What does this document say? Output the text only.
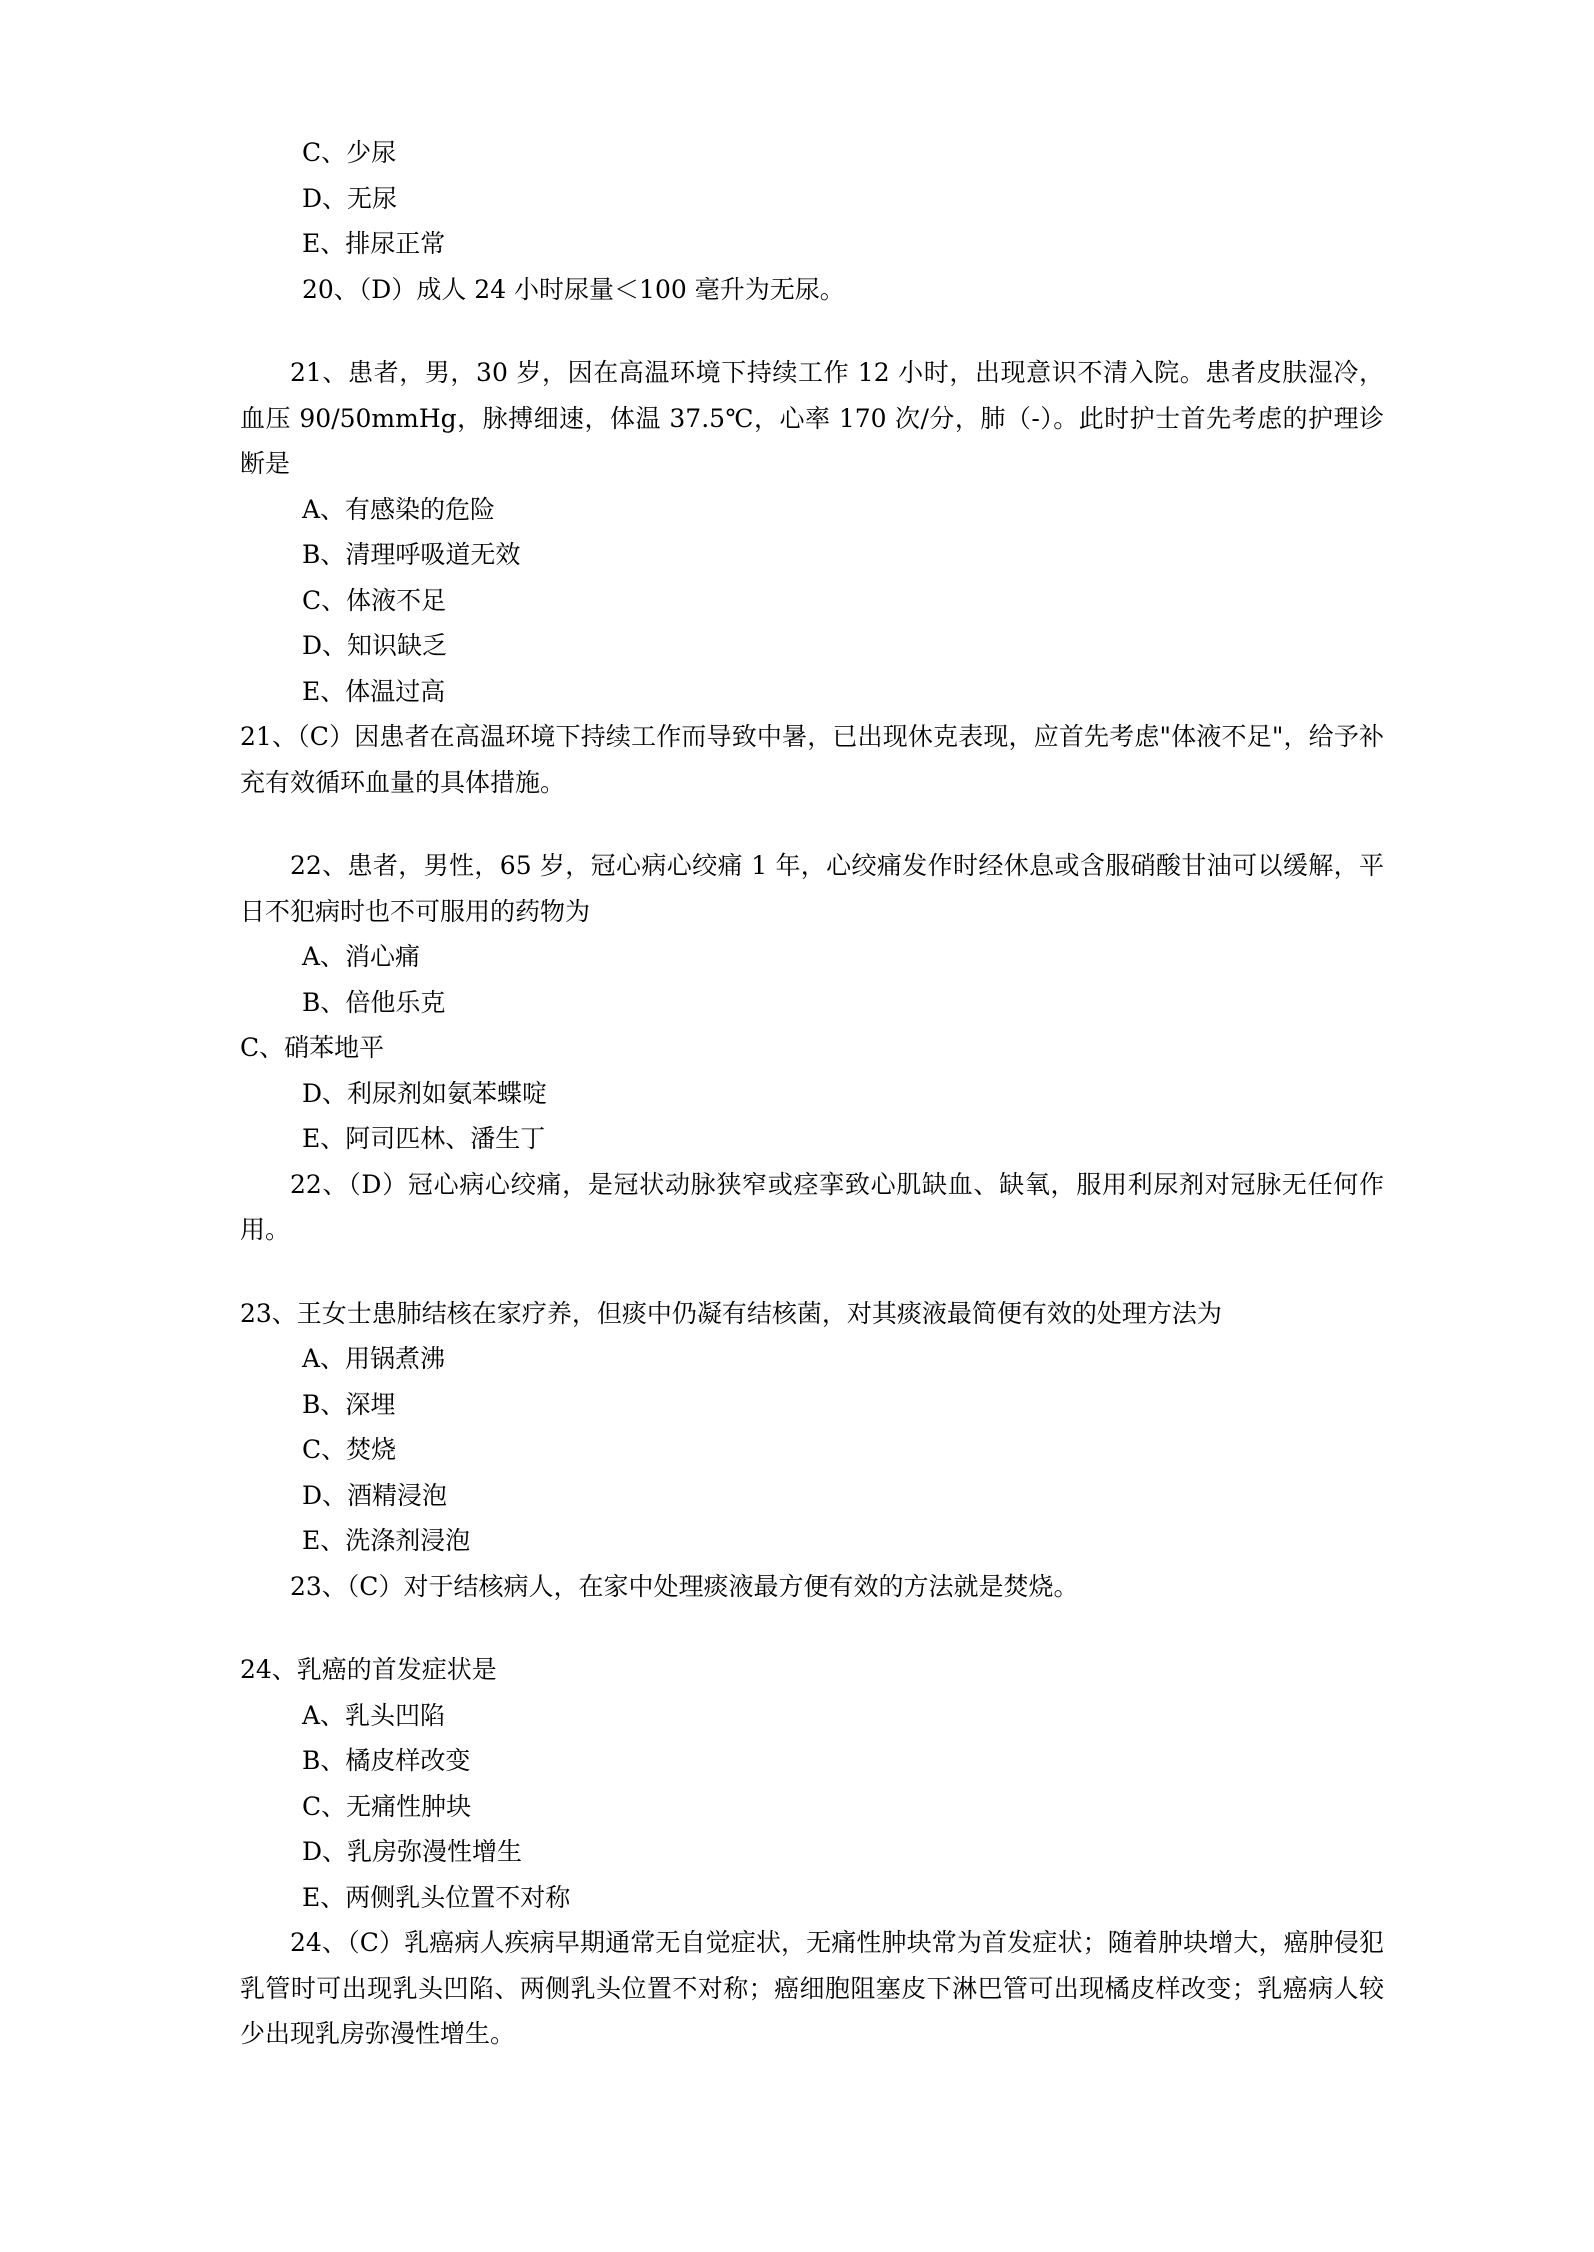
C、少尿
D、无尿
E、排尿正常
20、（D）成人 24 小时尿量＜100 毫升为无尿。
21、患者，男，30 岁，因在高温环境下持续工作 12 小时，出现意识不清入院。患者皮肤湿冷，血压 90/50mmHg，脉搏细速，体温 37.5℃，心率 170 次/分，肺（-）。此时护士首先考虑的护理诊断是
A、有感染的危险
B、清理呼吸道无效
C、体液不足
D、知识缺乏
E、体温过高
21、（C）因患者在高温环境下持续工作而导致中暑，已出现休克表现，应首先考虑"体液不足"，给予补充有效循环血量的具体措施。
22、患者，男性，65 岁，冠心病心绞痛 1 年，心绞痛发作时经休息或含服硝酸甘油可以缓解，平日不犯病时也不可服用的药物为
A、消心痛
B、倍他乐克
C、硝苯地平
D、利尿剂如氨苯蝶啶
E、阿司匹林、潘生丁
22、（D）冠心病心绞痛，是冠状动脉狭窄或痉挛致心肌缺血、缺氧，服用利尿剂对冠脉无任何作用。
23、王女士患肺结核在家疗养，但痰中仍凝有结核菌，对其痰液最简便有效的处理方法为
A、用锅煮沸
B、深埋
C、焚烧
D、酒精浸泡
E、洗涤剂浸泡
23、（C）对于结核病人，在家中处理痰液最方便有效的方法就是焚烧。
24、乳癌的首发症状是
A、乳头凹陷
B、橘皮样改变
C、无痛性肿块
D、乳房弥漫性增生
E、两侧乳头位置不对称
24、（C）乳癌病人疾病早期通常无自觉症状，无痛性肿块常为首发症状；随着肿块增大，癌肿侵犯乳管时可出现乳头凹陷、两侧乳头位置不对称；癌细胞阻塞皮下淋巴管可出现橘皮样改变；乳癌病人较少出现乳房弥漫性增生。
